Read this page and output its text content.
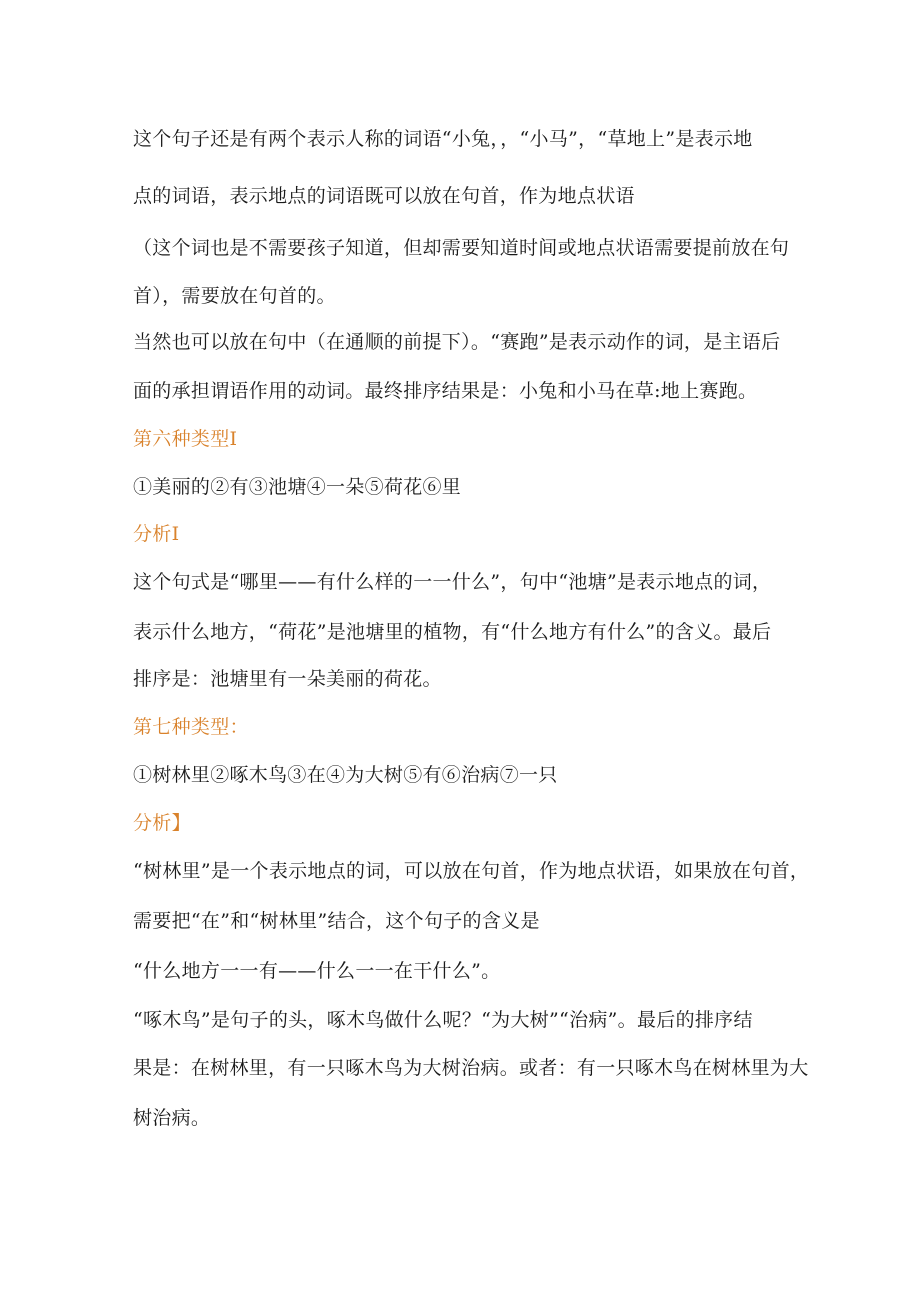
这个句子还是有两个表示人称的词语“小兔，，“小马”，“草地上”是表示地
点的词语，表示地点的词语既可以放在句首，作为地点状语
（这个词也是不需要孩子知道，但却需要知道时间或地点状语需要提前放在句
首），需要放在句首的。
当然也可以放在句中（在通顺的前提下）。“赛跑”是表示动作的词，是主语后
面的承担谓语作用的动词。最终排序结果是：小兔和小马在草:地上赛跑。
第六种类型I
①美丽的②有③池塘④一朵⑤荷花⑥里
分析I
这个句式是“哪里——有什么样的一一什么”，句中“池塘”是表示地点的词，
表示什么地方，“荷花”是池塘里的植物，有“什么地方有什么”的含义。最后
排序是：池塘里有一朵美丽的荷花。
第七种类型：
①树林里②啄木鸟③在④为大树⑤有⑥治病⑦一只
分析】
“树林里”是一个表示地点的词，可以放在句首，作为地点状语，如果放在句首，
需要把“在”和“树林里”结合，这个句子的含义是
“什么地方一一有——什么一一在干什么”。
“啄木鸟”是句子的头，啄木鸟做什么呢？“为大树”“治病”。最后的排序结
果是：在树林里，有一只啄木鸟为大树治病。或者：有一只啄木鸟在树林里为大
树治病。
